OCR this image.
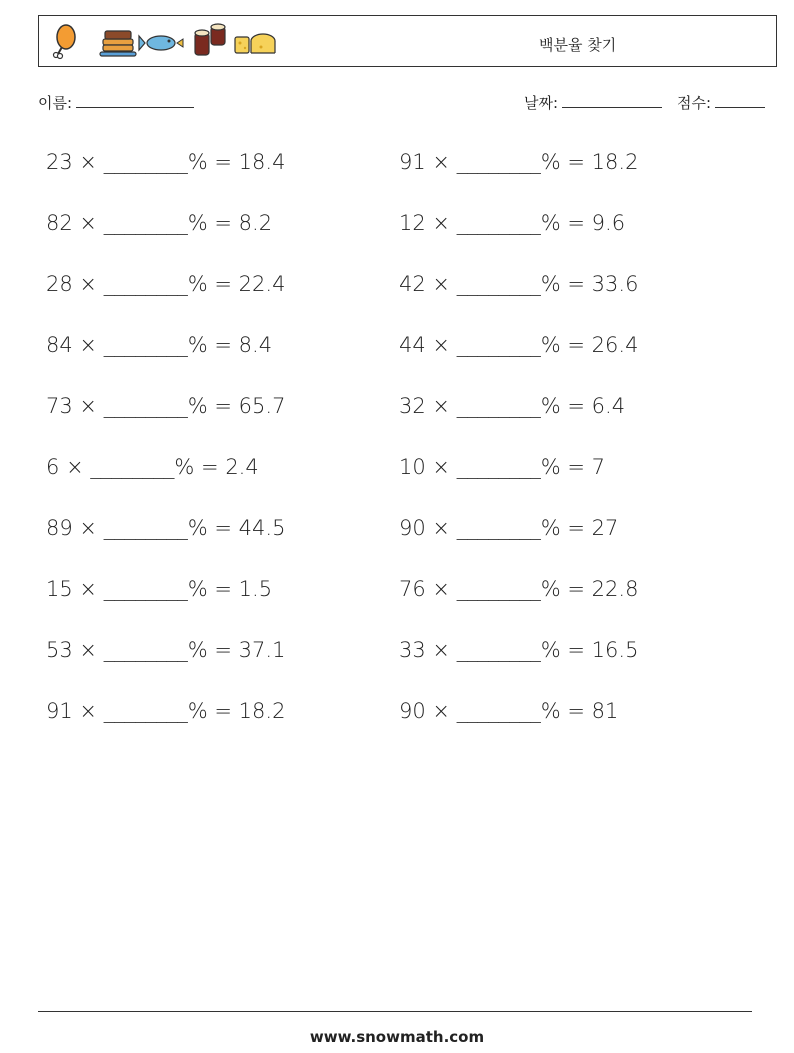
백분율 찾기
이름:	날짜:	점수:
23 × ________% = 18.4
82 × ________% = 8.2
28 × ________% = 22.4
84 × ________% = 8.4
73 × ________% = 65.7
6 × ________% = 2.4
89 × ________% = 44.5
15 × ________% = 1.5
53 × ________% = 37.1
91 × ________% = 18.2
91 × ________% = 18.2
12 × ________% = 9.6
42 × ________% = 33.6
44 × ________% = 26.4
32 × ________% = 6.4
10 × ________% = 7
90 × ________% = 27
76 × ________% = 22.8
33 × ________% = 16.5
90 × ________% = 81
www.snowmath.com
